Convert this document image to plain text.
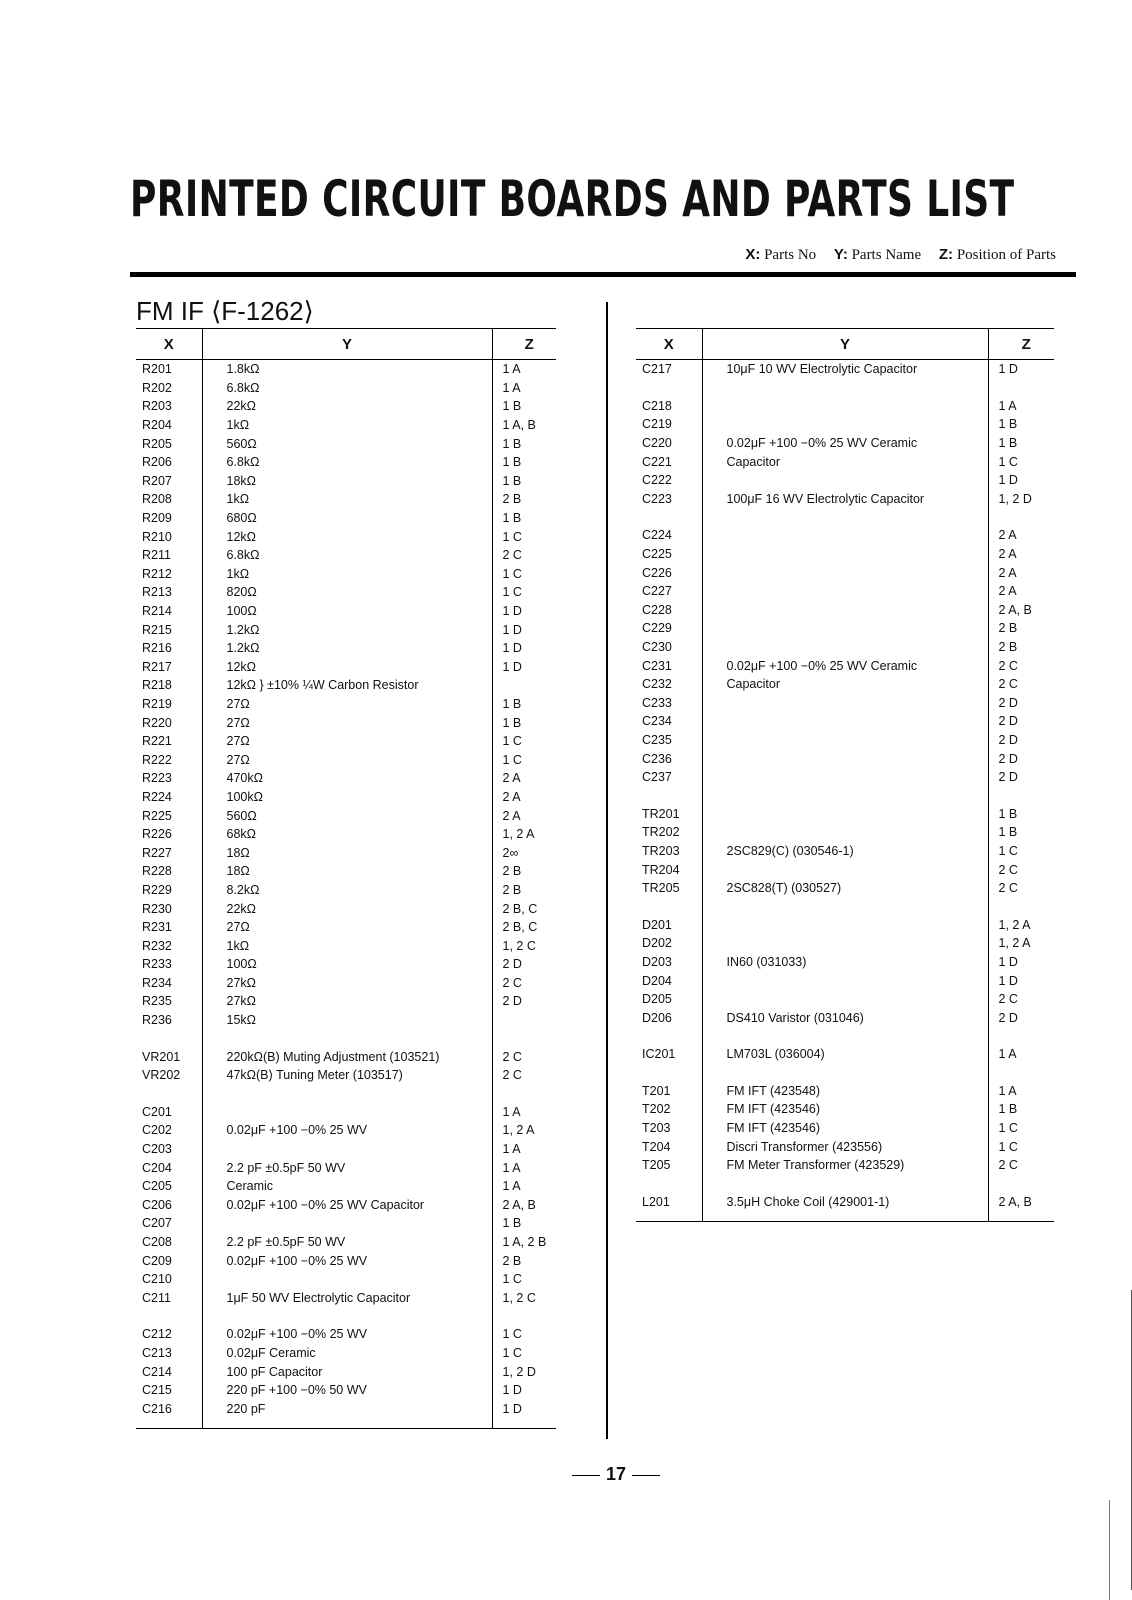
PRINTED CIRCUIT BOARDS AND PARTS LIST
X: Parts No Y: Parts Name Z: Position of Parts
FM IF ⟨F-1262⟩
X	Y	Z
R201	1.8kΩ	1 A
R202	6.8kΩ	1 A
R203	22kΩ	1 B
R204	1kΩ	1 A, B
R205	560Ω	1 B
R206	6.8kΩ	1 B
R207	18kΩ	1 B
R208	1kΩ	2 B
R209	680Ω	1 B
R210	12kΩ	1 C
R211	6.8kΩ	2 C
R212	1kΩ	1 C
R213	820Ω	1 C
R214	100Ω	1 D
R215	1.2kΩ	1 D
R216	1.2kΩ	1 D
R217	12kΩ	1 D
R218	12kΩ } ±10% ¼W Carbon Resistor	
R219	27Ω	1 B
R220	27Ω	1 B
R221	27Ω	1 C
R222	27Ω	1 C
R223	470kΩ	2 A
R224	100kΩ	2 A
R225	560Ω	2 A
R226	68kΩ	1, 2 A
R227	18Ω	2∞
R228	18Ω	2 B
R229	8.2kΩ	2 B
R230	22kΩ	2 B, C
R231	27Ω	2 B, C
R232	1kΩ	1, 2 C
R233	100Ω	2 D
R234	27kΩ	2 C
R235	27kΩ	2 D
R236	15kΩ	

VR201	220kΩ(B) Muting Adjustment (103521)	2 C
VR202	47kΩ(B) Tuning Meter (103517)	2 C

C201		1 A
C202	0.02μF +100 −0% 25 WV	1, 2 A
C203		1 A
C204	2.2 pF ±0.5pF 50 WV	1 A
C205	Ceramic	1 A
C206	0.02μF +100 −0% 25 WV Capacitor	2 A, B
C207		1 B
C208	2.2 pF ±0.5pF 50 WV	1 A, 2 B
C209	0.02μF +100 −0% 25 WV	2 B
C210		1 C
C211	1μF 50 WV Electrolytic Capacitor	1, 2 C

C212	0.02μF +100 −0% 25 WV	1 C
C213	0.02μF Ceramic	1 C
C214	100 pF Capacitor	1, 2 D
C215	220 pF +100 −0% 50 WV	1 D
C216	220 pF	1 D

X	Y	Z
C217	10μF 10 WV Electrolytic Capacitor	1 D

C218		1 A
C219		1 B
C220	0.02μF +100 −0% 25 WV Ceramic	1 B
C221	Capacitor	1 C
C222		1 D
C223	100μF 16 WV Electrolytic Capacitor	1, 2 D

C224		2 A
C225		2 A
C226		2 A
C227		2 A
C228		2 A, B
C229		2 B
C230		2 B
C231	0.02μF +100 −0% 25 WV Ceramic	2 C
C232	Capacitor	2 C
C233		2 D
C234		2 D
C235		2 D
C236		2 D
C237		2 D

TR201		1 B
TR202		1 B
TR203	2SC829(C) (030546-1)	1 C
TR204		2 C
TR205	2SC828(T) (030527)	2 C

D201		1, 2 A
D202		1, 2 A
D203	IN60 (031033)	1 D
D204		1 D
D205		2 C
D206	DS410 Varistor (031046)	2 D

IC201	LM703L (036004)	1 A

T201	FM IFT (423548)	1 A
T202	FM IFT (423546)	1 B
T203	FM IFT (423546)	1 C
T204	Discri Transformer (423556)	1 C
T205	FM Meter Transformer (423529)	2 C

L201	3.5μH Choke Coil (429001-1)	2 A, B

17
